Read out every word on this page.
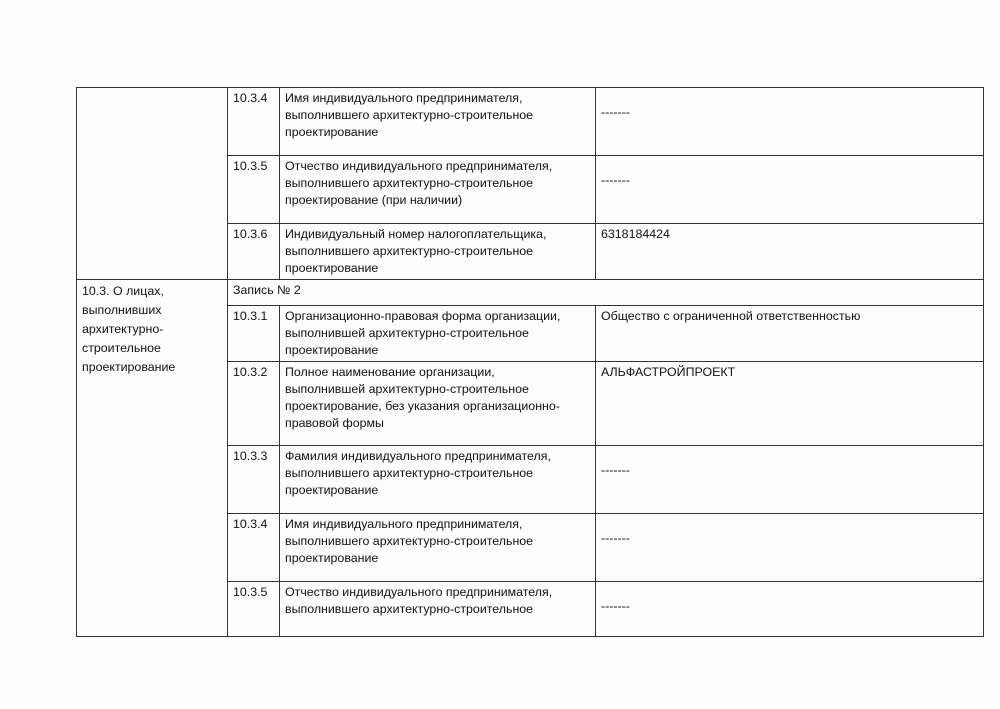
	10.3.4	Имя индивидуального предпринимателя,
выполнившего архитектурно-строительное
проектирование	-------

	10.3.5	Отчество индивидуального предпринимателя,
выполнившего архитектурно-строительное
проектирование (при наличии)	-------

	10.3.6	Индивидуальный номер налогоплательщика,
выполнившего архитектурно-строительное
проектирование	6318184424
10.3. О лицах,
выполнивших
архитектурно-
строительное
проектирование	Запись № 2		
	10.3.1	Организационно-правовая форма организации,
выполнившей архитектурно-строительное
проектирование	Общество с ограниченной ответственностью
	10.3.2	Полное наименование организации,
выполнившей архитектурно-строительное
проектирование, без указания организационно-
правовой формы	АЛЬФАСТРОЙПРОЕКТ
	10.3.3	Фамилия индивидуального предпринимателя,
выполнившего архитектурно-строительное
проектирование	-------

	10.3.4	Имя индивидуального предпринимателя,
выполнившего архитектурно-строительное
проектирование	-------

	10.3.5	Отчество индивидуального предпринимателя,
выполнившего архитектурно-строительное	-------
